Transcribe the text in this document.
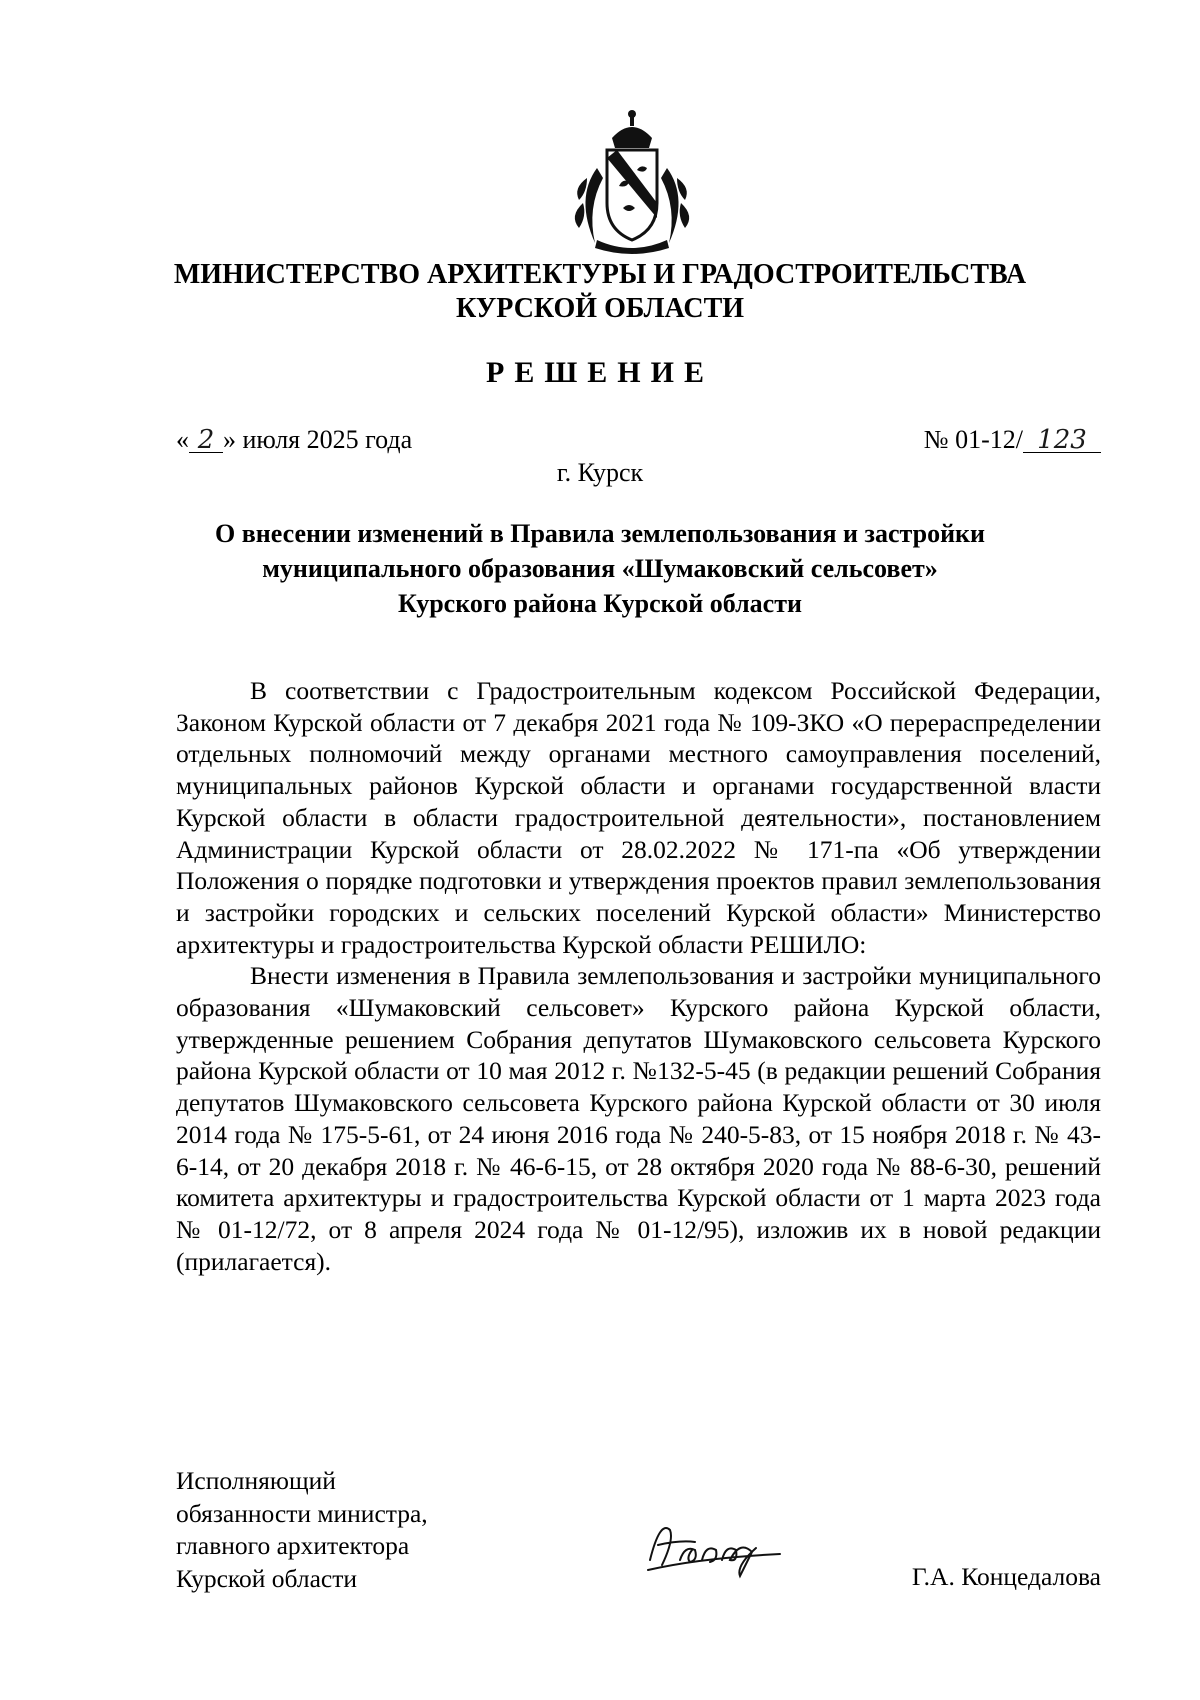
МИНИСТЕРСТВО АРХИТЕКТУРЫ И ГРАДОСТРОИТЕЛЬСТВА
КУРСКОЙ ОБЛАСТИ
РЕШЕНИЕ
« 2 » июля 2025 года	№ 01-12/ 123
г. Курск
О внесении изменений в Правила землепользования и застройки
муниципального образования «Шумаковский сельсовет»
Курского района Курской области

В соответствии с Градостроительным кодексом Российской Федерации, Законом Курской области от 7 декабря 2021 года № 109-ЗКО «О перераспределении отдельных полномочий между органами местного самоуправления поселений, муниципальных районов Курской области и органами государственной власти Курской области в области градостроительной деятельности», постановлением Администрации Курской области от 28.02.2022 № 171-па «Об утверждении Положения о порядке подготовки и утверждения проектов правил землепользования и застройки городских и сельских поселений Курской области» Министерство архитектуры и градостроительства Курской области РЕШИЛО:

Внести изменения в Правила землепользования и застройки муниципального образования «Шумаковский сельсовет» Курского района Курской области, утвержденные решением Собрания депутатов Шумаковского сельсовета Курского района Курской области от 10 мая 2012 г. №132-5-45 (в редакции решений Собрания депутатов Шумаковского сельсовета Курского района Курской области от 30 июля 2014 года № 175-5-61, от 24 июня 2016 года № 240-5-83, от 15 ноября 2018 г. № 43-6-14, от 20 декабря 2018 г. № 46-6-15, от 28 октября 2020 года № 88-6-30, решений комитета архитектуры и градостроительства Курской области от 1 марта 2023 года № 01-12/72, от 8 апреля 2024 года № 01-12/95), изложив их в новой редакции (прилагается).

Исполняющий
обязанности министра,
главного архитектора
Курской области	Г.А. Концедалова
